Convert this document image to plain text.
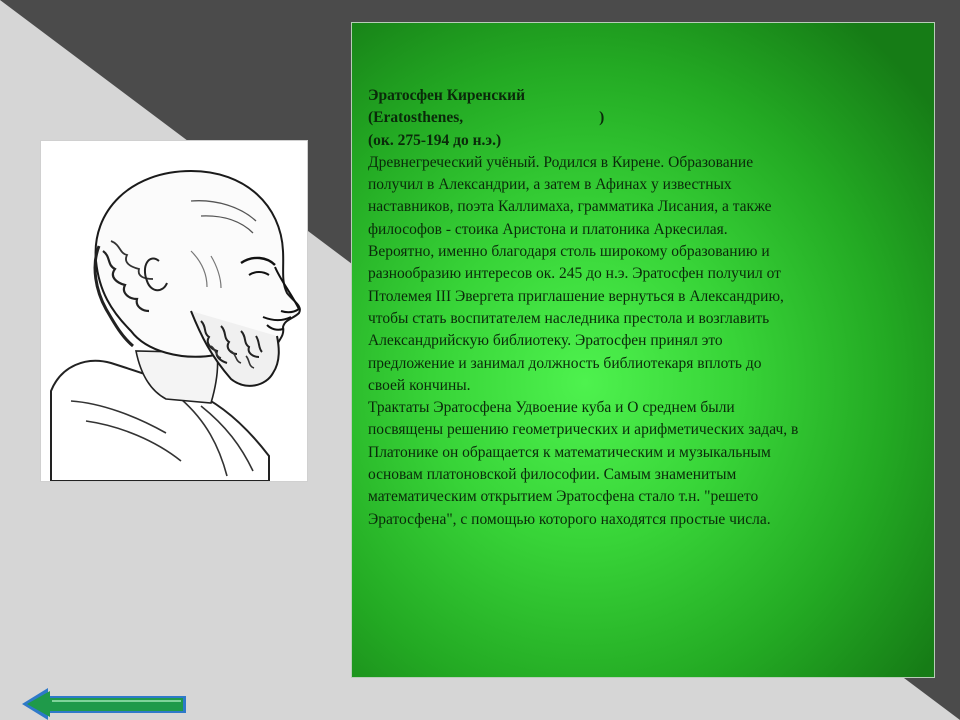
Эратосфен Киренский
(Eratosthenes,	)
(ок. 275-194 до н.э.)
Древнегреческий учёный. Родился в Кирене. Образование
получил в Александрии, а затем в Афинах у известных
наставников, поэта Каллимаха, грамматика Лисания, а также
философов - стоика Аристона и платоника Аркесилая.
Вероятно, именно благодаря столь широкому образованию и
разнообразию интересов ок. 245 до н.э. Эратосфен получил от
Птолемея III Эвергета приглашение вернуться в Александрию,
чтобы стать воспитателем наследника престола и возглавить
Александрийскую библиотеку. Эратосфен принял это
предложение и занимал должность библиотекаря вплоть до
своей кончины.
Трактаты Эратосфена Удвоение куба и О среднем были
посвящены решению геометрических и арифметических задач, в
Платонике он обращается к математическим и музыкальным
основам платоновской философии. Самым знаменитым
математическим открытием Эратосфена стало т.н. "решето
Эратосфена", с помощью которого находятся простые числа.
